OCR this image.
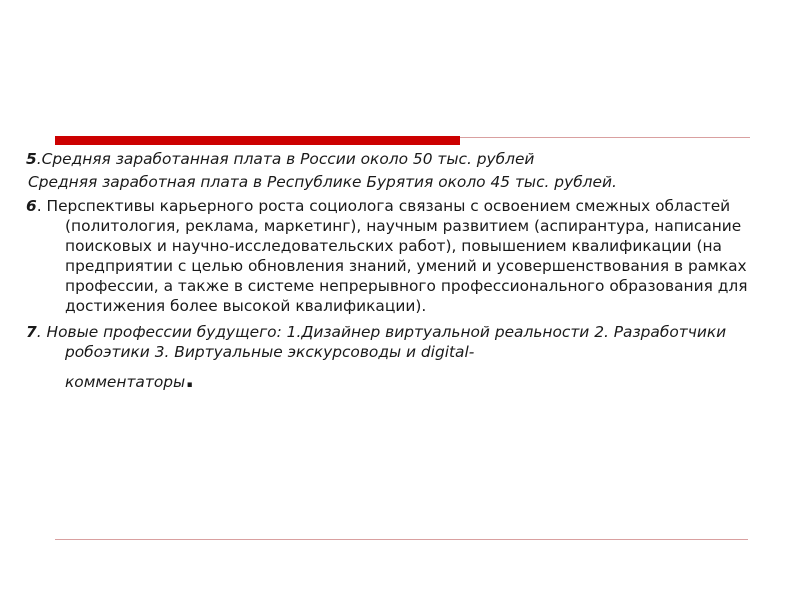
5.Средняя заработанная плата в России около 50 тыс. рублей

Средняя заработная плата в Республике Бурятия около 45 тыс. рублей.

6. Перспективы карьерного роста социолога связаны с освоением смежных областей (политология, реклама, маркетинг), научным развитием (аспирантура, написание поисковых и научно-исследовательских работ), повышением квалификации (на предприятии с целью обновления знаний, умений и усовершенствования в рамках профессии, а также в системе непрерывного профессионального образования для достижения более высокой квалификации).

7. Новые профессии будущего: 1.Дизайнер виртуальной реальности 2. Разработчики робоэтики 3. Виртуальные экскурсоводы и digital-
комментаторы.
